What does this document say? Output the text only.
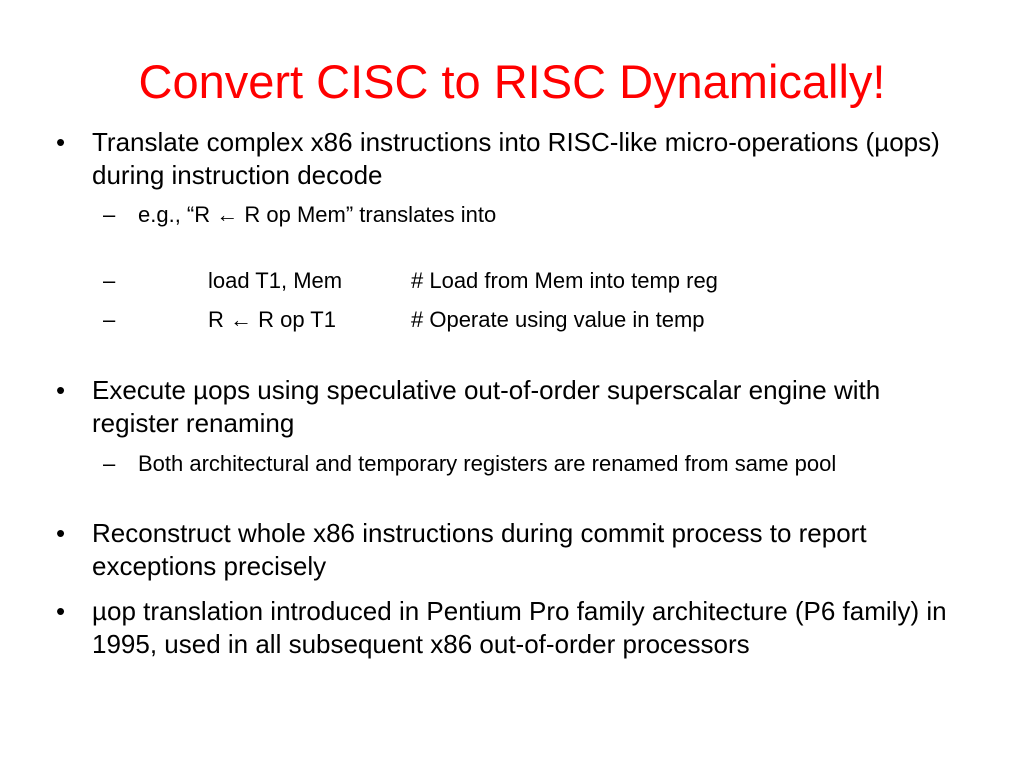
Convert CISC to RISC Dynamically!
•	Translate complex x86 instructions into RISC-like micro-operations (µops) during instruction decode
–	e.g., “R ← R op Mem” translates into
–	load T1, Mem	# Load from Mem into temp reg
–	R ← R op T1	# Operate using value in temp
•	Execute µops using speculative out-of-order superscalar engine with register renaming
–	Both architectural and temporary registers are renamed from same pool
•	Reconstruct whole x86 instructions during commit process to report exceptions precisely
•	µop translation introduced in Pentium Pro family architecture (P6 family) in 1995, used in all subsequent x86 out-of-order processors
